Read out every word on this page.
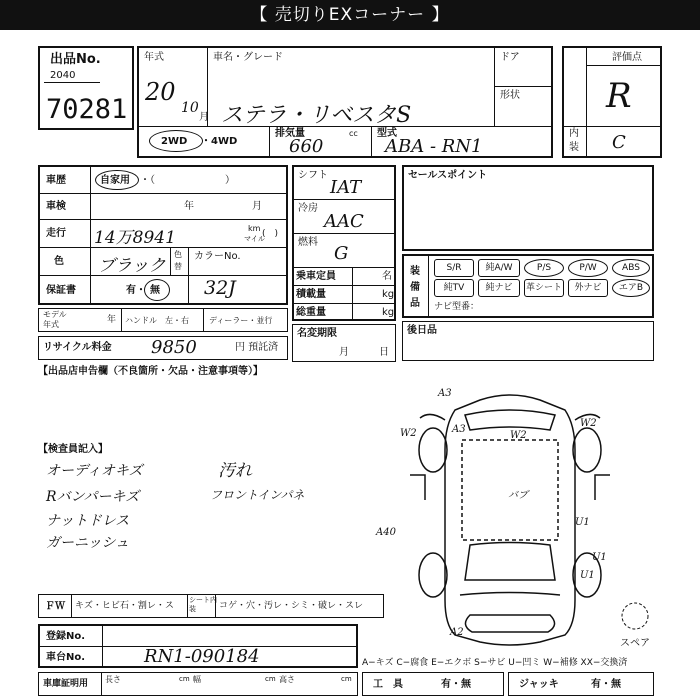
【 売切りEXコーナー 】
出品No.
2040
70281
年式	車名・グレード	ドア
形状
20
10
月 ステラ・リベスタS
2WD ・4WD
排気量	cc
660
型式
ABA - RN1
評価点
R
内
装 C
車歴	自家用 ・（　　　　　　　）
車検	年	月
走行 14万8941	km
マイル
(　)
色 ブラック
色
替
カラーNo.
32J
保証書	有・ 無
モデル
年式	年 ハンドル　左・右	ディーラー・並行
リサイクル料金 9850	円 預託済
シフト
IAT
冷房
AAC
燃料
G
乗車定員	名
積載量	kg
総重量	kg
名変期限
月	日
セールスポイント
装
備
品
S/R	純A/W	P/S	P/W	ABS
純TV	純ナビ	革シート	外ナビ	エアB
ナビ型番：
後日品
【出品店申告欄（不良箇所・欠品・注意事項等）】
【検査員記入】
オーディオキズ
Rバンパーキズ
ナットドレス
ガーニッシュ
汚れ
フロントインパネ
A3
A3
W2	W2
W2
U1
U1
U1
A40
A2
バブ
スペア
ＦＷ キズ・ヒビ石・割レ・ス
シート内装	コゲ・穴・汚レ・シミ・破レ・スレ
登録No.
車台No.	RN1-090184	A−キズ C−腐食 E−エクボ S−サビ U−凹ミ W−補修 XX−交換済
車庫証明用 長さ	cm 幅	cm 高さ	cm 工　具	有・無	ジャッキ	有・無
